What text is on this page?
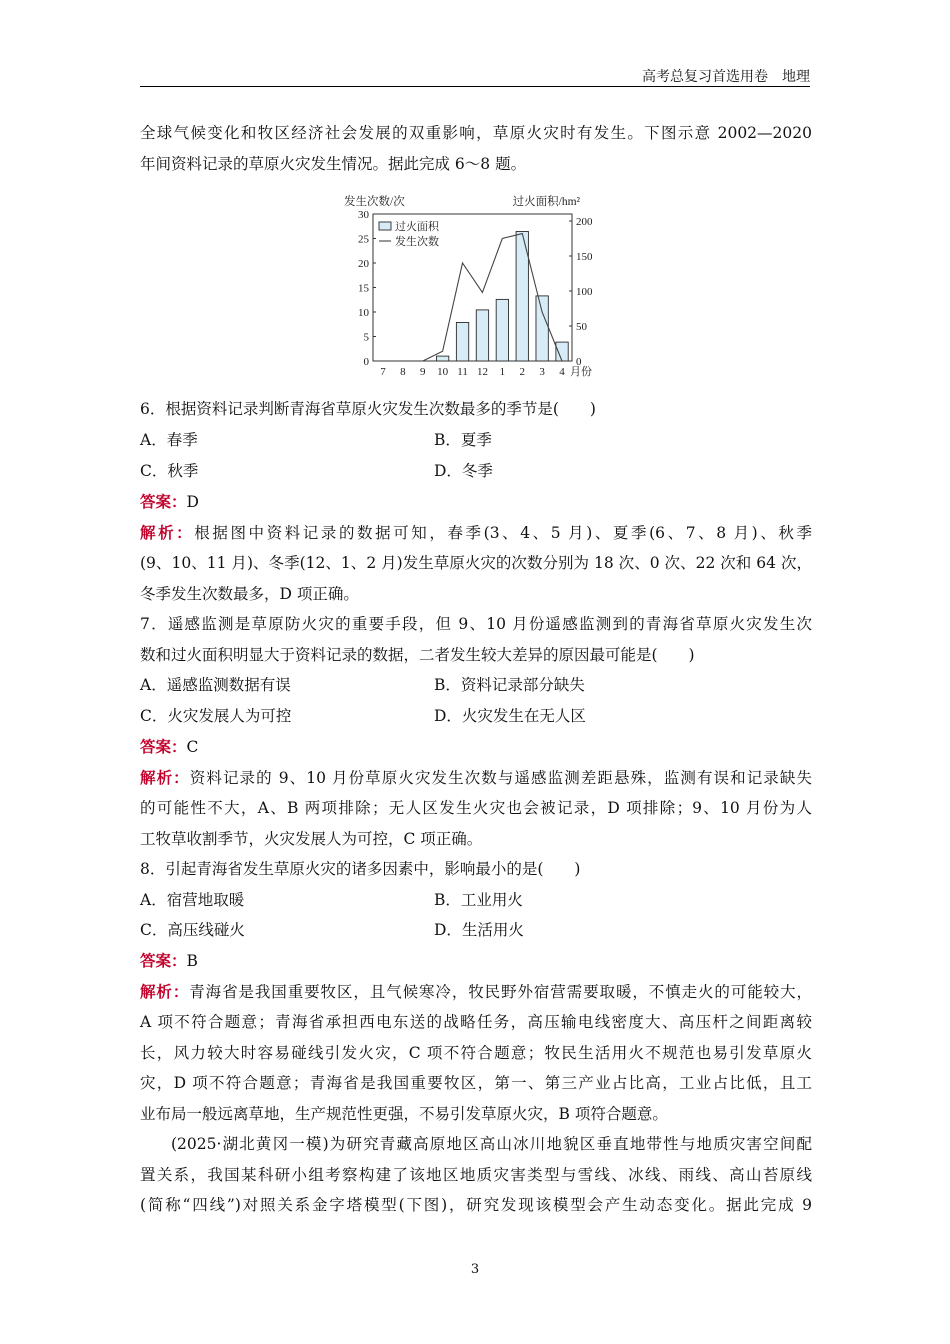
高考总复习首选用卷　地理
全球气候变化和牧区经济社会发展的双重影响，草原火灾时有发生。下图示意 2002—2020
年间资料记录的草原火灾发生情况。据此完成 6～8 题。
0
5
10
15
20
25
30
0
50
100
150
200
发生次数/次	过火面积/hm²
7 8 9 10 11 12 1 2 3 4 月份
过火面积
发生次数
6．根据资料记录判断青海省草原火灾发生次数最多的季节是(　　)
A．春季	B．夏季
C．秋季	D．冬季
答案：D
解析：根据图中资料记录的数据可知，春季(3、4、5 月)、夏季(6、7、8 月)、秋季
(9、10、11 月)、冬季(12、1、2 月)发生草原火灾的次数分别为 18 次、0 次、22 次和 64 次，
冬季发生次数最多，D 项正确。
7．遥感监测是草原防火灾的重要手段，但 9、10 月份遥感监测到的青海省草原火灾发生次
数和过火面积明显大于资料记录的数据，二者发生较大差异的原因最可能是(　　)
A．遥感监测数据有误	B．资料记录部分缺失
C．火灾发展人为可控	D．火灾发生在无人区
答案：C
解析：资料记录的 9、10 月份草原火灾发生次数与遥感监测差距悬殊，监测有误和记录缺失
的可能性不大，A、B 两项排除；无人区发生火灾也会被记录，D 项排除；9、10 月份为人
工牧草收割季节，火灾发展人为可控，C 项正确。
8．引起青海省发生草原火灾的诸多因素中，影响最小的是(　　)
A．宿营地取暖	B．工业用火
C．高压线碰火	D．生活用火
答案：B
解析：青海省是我国重要牧区，且气候寒冷，牧民野外宿营需要取暖，不慎走火的可能较大，
A 项不符合题意；青海省承担西电东送的战略任务，高压输电线密度大、高压杆之间距离较
长，风力较大时容易碰线引发火灾，C 项不符合题意；牧民生活用火不规范也易引发草原火
灾，D 项不符合题意；青海省是我国重要牧区，第一、第三产业占比高，工业占比低，且工
业布局一般远离草地，生产规范性更强，不易引发草原火灾，B 项符合题意。
(2025·湖北黄冈一模)为研究青藏高原地区高山冰川地貌区垂直地带性与地质灾害空间配
置关系，我国某科研小组考察构建了该地区地质灾害类型与雪线、冰线、雨线、高山苔原线
(简称“四线”)对照关系金字塔模型(下图)，研究发现该模型会产生动态变化。据此完成 9
3
